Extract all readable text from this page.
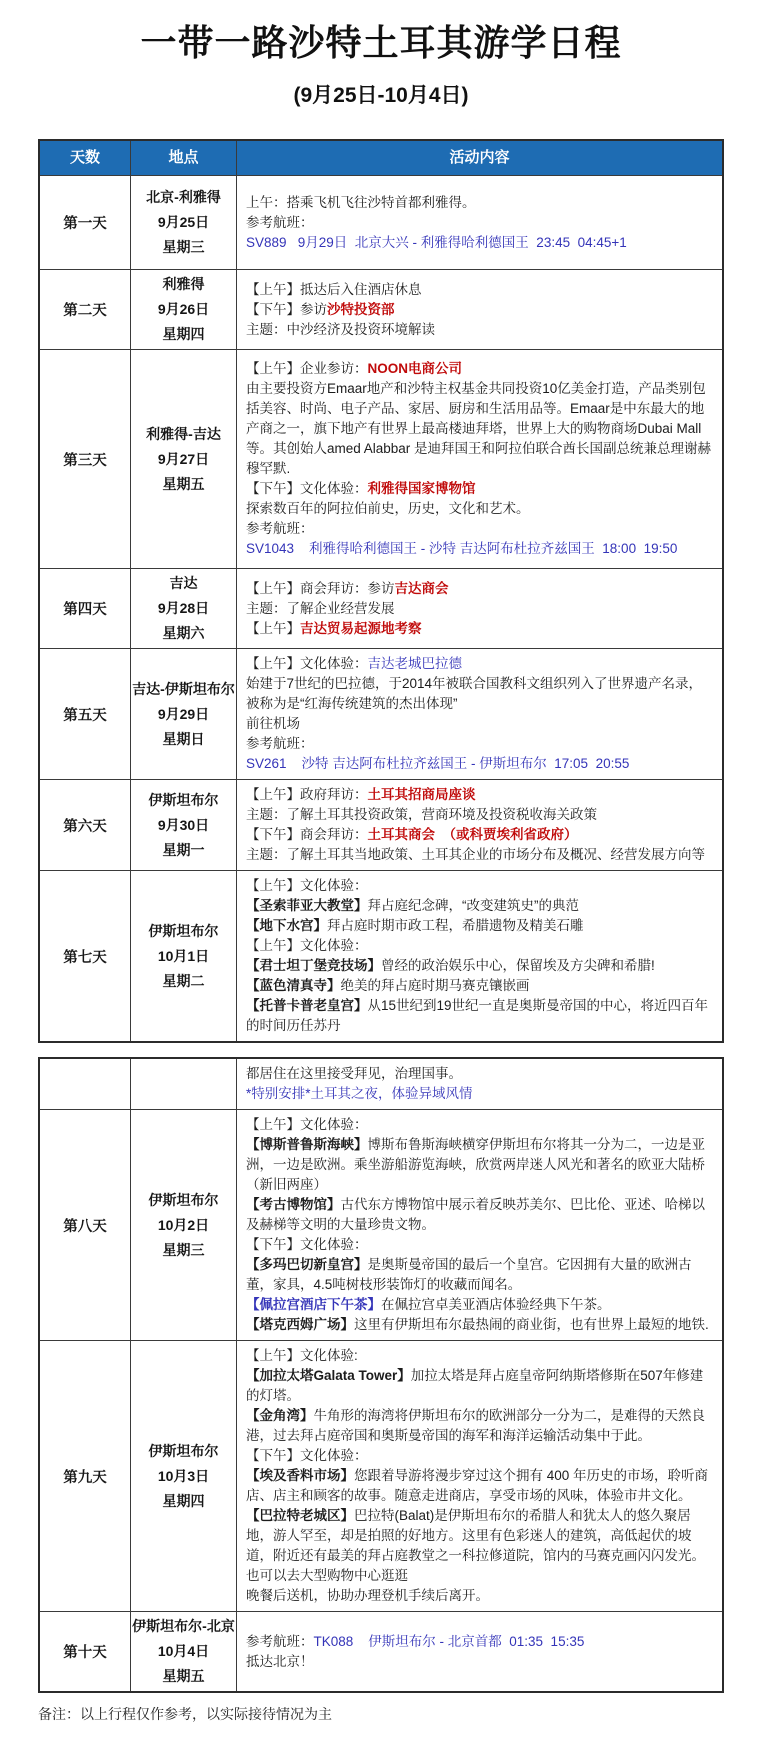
一带一路沙特土耳其游学日程
(9月25日-10月4日)
天数	地点	活动内容
第一天
北京-利雅得
9月25日
星期三
上午：搭乘飞机飞往沙特首都利雅得。
参考航班：
SV889   9月29日  北京大兴 - 利雅得哈利德国王  23:45  04:45+1
第二天
利雅得
9月26日
星期四
【上午】抵达后入住酒店休息
【下午】参访沙特投资部
主题：中沙经济及投资环境解读
第三天
利雅得-吉达
9月27日
星期五
【上午】企业参访：NOON电商公司
由主要投资方Emaar地产和沙特主权基金共同投资10亿美金打造，产品类别包括美容、时尚、电子产品、家居、厨房和生活用品等。Emaar是中东最大的地产商之一，旗下地产有世界上最高楼迪拜塔，世界上大的购物商场Dubai Mall等。其创始人amed Alabbar 是迪拜国王和阿拉伯联合酋长国副总统兼总理谢赫穆罕默.
【下午】文化体验：利雅得国家博物馆
探索数百年的阿拉伯前史，历史，文化和艺术。
参考航班：
SV1043    利雅得哈利德国王 - 沙特 吉达阿布杜拉齐兹国王  18:00  19:50
第四天
吉达
9月28日
星期六
【上午】商会拜访：参访吉达商会
主题：了解企业经营发展
【上午】吉达贸易起源地考察
第五天
吉达-伊斯坦布尔
9月29日
星期日
【上午】文化体验：吉达老城巴拉德
始建于7世纪的巴拉德，于2014年被联合国教科文组织列入了世界遗产名录，被称为是“红海传统建筑的杰出体现”
前往机场
参考航班：
SV261    沙特 吉达阿布杜拉齐兹国王 - 伊斯坦布尔  17:05  20:55
第六天
伊斯坦布尔
9月30日
星期一
【上午】政府拜访：土耳其招商局座谈
主题：了解土耳其投资政策，营商环境及投资税收海关政策
【下午】商会拜访：土耳其商会  （或科贾埃利省政府）
主题：了解土耳其当地政策、土耳其企业的市场分布及概况、经营发展方向等
第七天
伊斯坦布尔
10月1日
星期二
【上午】文化体验：
【圣索菲亚大教堂】拜占庭纪念碑，“改变建筑史”的典范
【地下水宫】拜占庭时期市政工程，希腊遗物及精美石雕
【上午】文化体验：
【君士坦丁堡竞技场】曾经的政治娱乐中心，保留埃及方尖碑和希腊!
【蓝色清真寺】绝美的拜占庭时期马赛克镶嵌画
【托普卡普老皇宫】从15世纪到19世纪一直是奥斯曼帝国的中心，将近四百年的时间历任苏丹
都居住在这里接受拜见，治理国事。
*特别安排*土耳其之夜，体验异域风情
第八天
伊斯坦布尔
10月2日
星期三
【上午】文化体验：
【博斯普鲁斯海峡】博斯布鲁斯海峡横穿伊斯坦布尔将其一分为二，一边是亚洲，一边是欧洲。乘坐游船游览海峡，欣赏两岸迷人风光和著名的欧亚大陆桥（新旧两座）
【考古博物馆】古代东方博物馆中展示着反映苏美尔、巴比伦、亚述、哈梯以及赫梯等文明的大量珍贵文物。
【下午】文化体验：
【多玛巴切新皇宫】是奥斯曼帝国的最后一个皇宫。它因拥有大量的欧洲古董，家具，4.5吨树枝形装饰灯的收藏而闻名。
【佩拉宫酒店下午茶】在佩拉宫卓美亚酒店体验经典下午茶。
【塔克西姆广场】这里有伊斯坦布尔最热闹的商业街，也有世界上最短的地铁.
第九天
伊斯坦布尔
10月3日
星期四
【上午】文化体验:
【加拉太塔Galata Tower】加拉太塔是拜占庭皇帝阿纳斯塔修斯在507年修建的灯塔。
【金角湾】牛角形的海湾将伊斯坦布尔的欧洲部分一分为二，是难得的天然良港，过去拜占庭帝国和奥斯曼帝国的海军和海洋运输活动集中于此。
【下午】文化体验：
【埃及香料市场】您跟着导游将漫步穿过这个拥有 400 年历史的市场，聆听商店、店主和顾客的故事。随意走进商店，享受市场的风味，体验市井文化。
【巴拉特老城区】巴拉特(Balat)是伊斯坦布尔的希腊人和犹太人的悠久聚居地，游人罕至，却是拍照的好地方。这里有色彩迷人的建筑，高低起伏的坡道，附近还有最美的拜占庭教堂之一科拉修道院，馆内的马赛克画闪闪发光。
也可以去大型购物中心逛逛
晚餐后送机，协助办理登机手续后离开。
第十天
伊斯坦布尔-北京
10月4日
星期五
参考航班：TK088    伊斯坦布尔 - 北京首都  01:35  15:35
抵达北京！
备注：以上行程仅作参考，以实际接待情况为主
